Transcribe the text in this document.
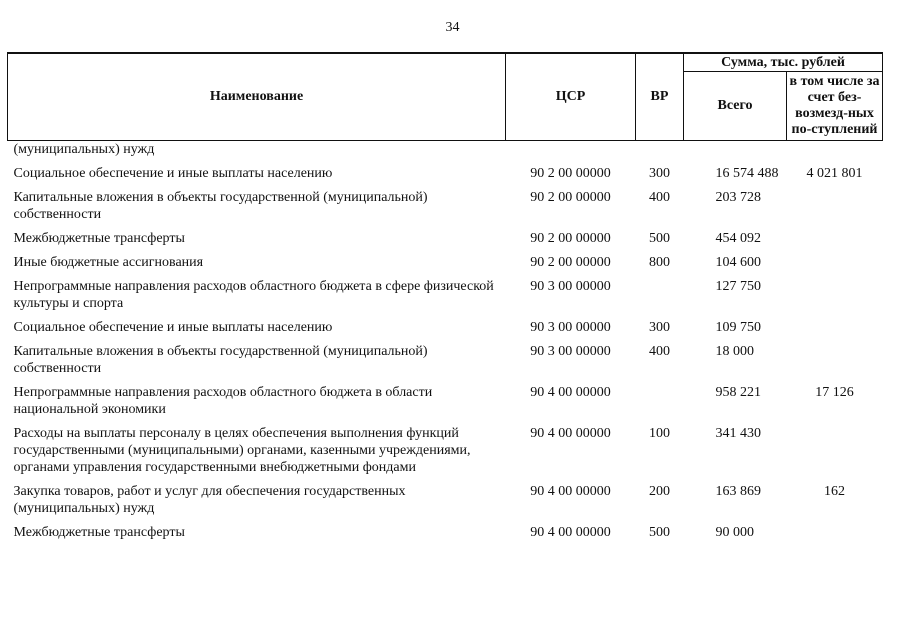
34
Наименование	ЦСР	ВР	Сумма, тыс. рублей	
			Всего	в том числе за счет без-возмезд-ных по-ступлений
(муниципальных) нужд				
Социальное обеспечение и иные выплаты населению	90 2 00 00000	300	16 574 488	4 021 801
Капитальные вложения в объекты государственной (муниципальной) собственности	90 2 00 00000	400	203 728	
Межбюджетные трансферты	90 2 00 00000	500	454 092	
Иные бюджетные ассигнования	90 2 00 00000	800	104 600	
Непрограммные направления расходов областного бюджета в сфере физической культуры и спорта	90 3 00 00000		127 750	
Социальное обеспечение и иные выплаты населению	90 3 00 00000	300	109 750	
Капитальные вложения в объекты государственной (муниципальной) собственности	90 3 00 00000	400	18 000	
Непрограммные направления расходов областного бюджета в области национальной экономики	90 4 00 00000		958 221	17 126
Расходы на выплаты персоналу в целях обеспечения выполнения функций государственными (муниципальными) органами, казенными учреждениями, органами управления государственными внебюджетными фондами	90 4 00 00000	100	341 430	
Закупка товаров, работ и услуг для обеспечения государственных (муниципальных) нужд	90 4 00 00000	200	163 869	162
Межбюджетные трансферты	90 4 00 00000	500	90 000	
